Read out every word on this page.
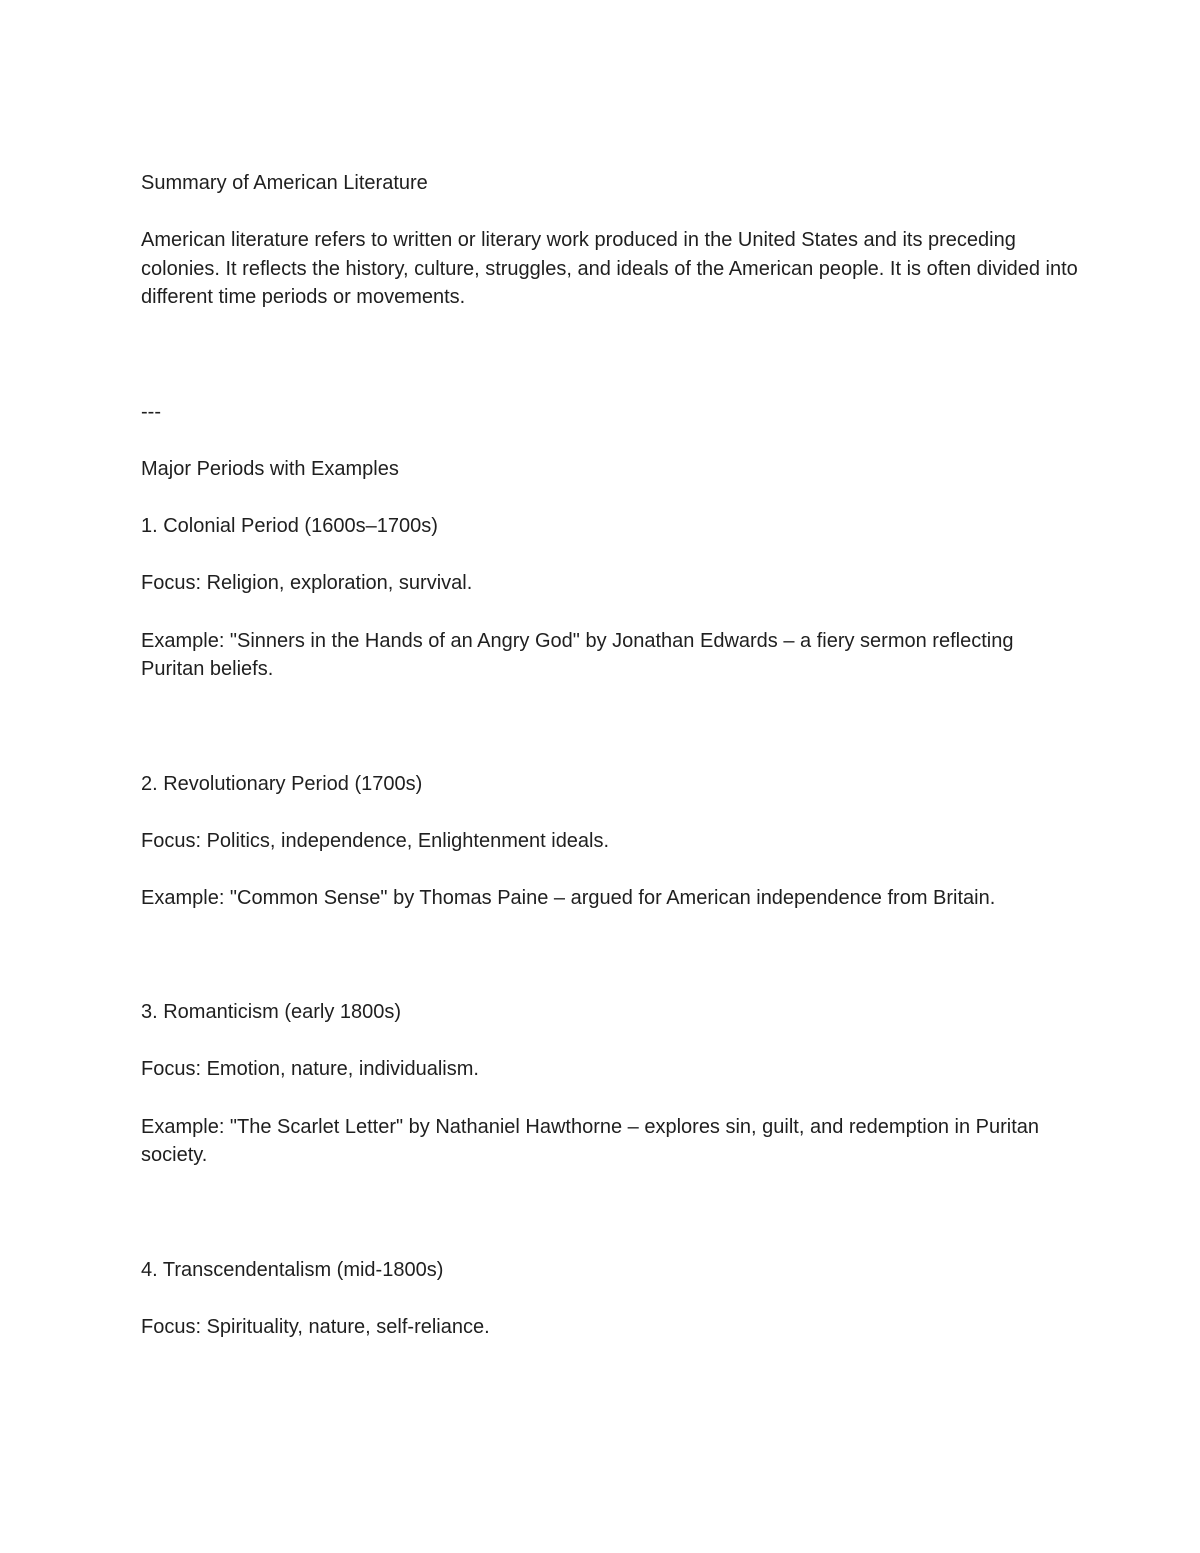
Summary of American Literature

American literature refers to written or literary work produced in the United States and its preceding colonies. It reflects the history, culture, struggles, and ideals of the American people. It is often divided into different time periods or movements.

---

Major Periods with Examples

1. Colonial Period (1600s–1700s)

Focus: Religion, exploration, survival.

Example: "Sinners in the Hands of an Angry God" by Jonathan Edwards – a fiery sermon reflecting Puritan beliefs.

2. Revolutionary Period (1700s)

Focus: Politics, independence, Enlightenment ideals.

Example: "Common Sense" by Thomas Paine – argued for American independence from Britain.

3. Romanticism (early 1800s)

Focus: Emotion, nature, individualism.

Example: "The Scarlet Letter" by Nathaniel Hawthorne – explores sin, guilt, and redemption in Puritan society.

4. Transcendentalism (mid-1800s)

Focus: Spirituality, nature, self-reliance.
